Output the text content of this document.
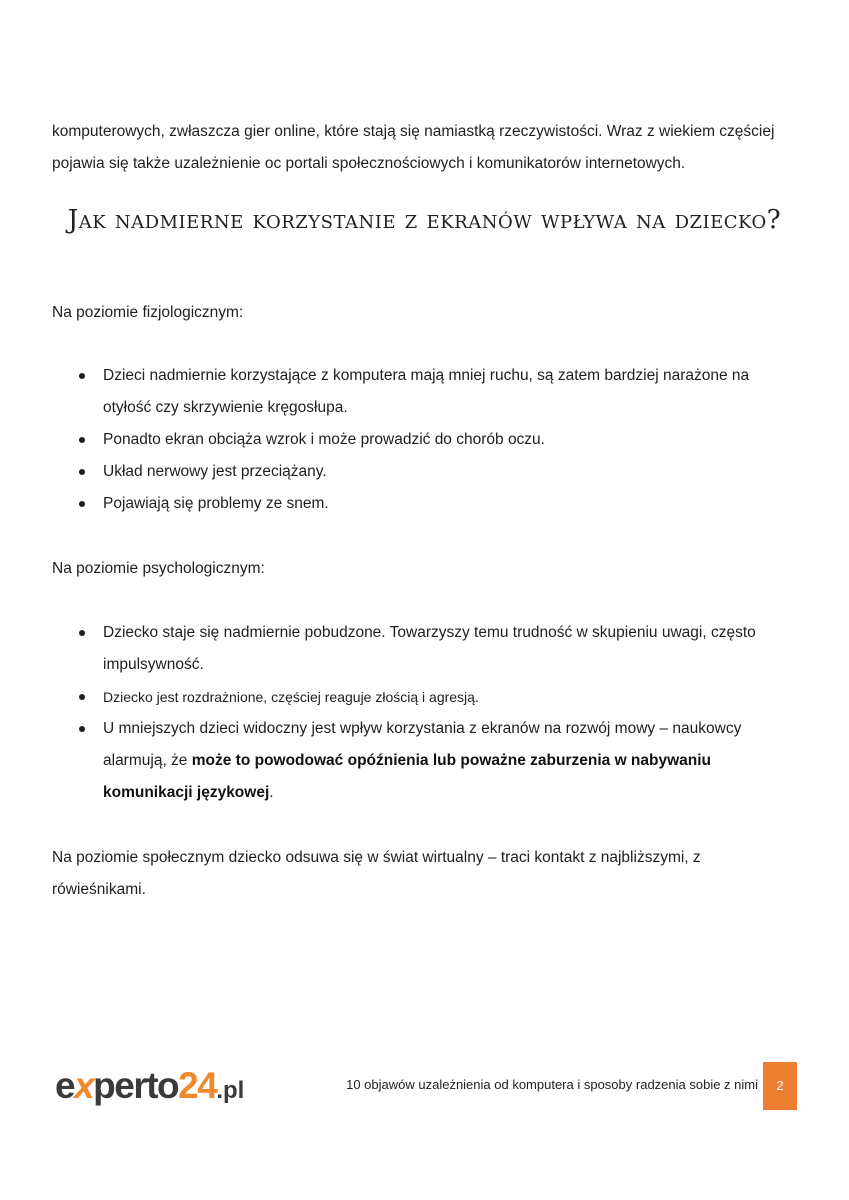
komputerowych, zwłaszcza gier online, które stają się namiastką rzeczywistości. Wraz z wiekiem częściej pojawia się także uzależnienie oc portali społecznościowych i komunikatorów internetowych.

Jak nadmierne korzystanie z ekranów wpływa na dziecko?

Na poziomie fizjologicznym:

Dzieci nadmiernie korzystające z komputera mają mniej ruchu, są zatem bardziej narażone na otyłość czy skrzywienie kręgosłupa.
Ponadto ekran obciąża wzrok i może prowadzić do chorób oczu.
Układ nerwowy jest przeciążany.
Pojawiają się problemy ze snem.

Na poziomie psychologicznym:

Dziecko staje się nadmiernie pobudzone. Towarzyszy temu trudność w skupieniu uwagi, często impulsywność.
Dziecko jest rozdrażnione, częściej reaguje złością i agresją.
U mniejszych dzieci widoczny jest wpływ korzystania z ekranów na rozwój mowy – naukowcy alarmują, że może to powodować opóźnienia lub poważne zaburzenia w nabywaniu komunikacji językowej.

Na poziomie społecznym dziecko odsuwa się w świat wirtualny – traci kontakt z najbliższymi, z rówieśnikami.

experto24.pl	10 objawów uzależnienia od komputera i sposoby radzenia sobie z nimi	2
